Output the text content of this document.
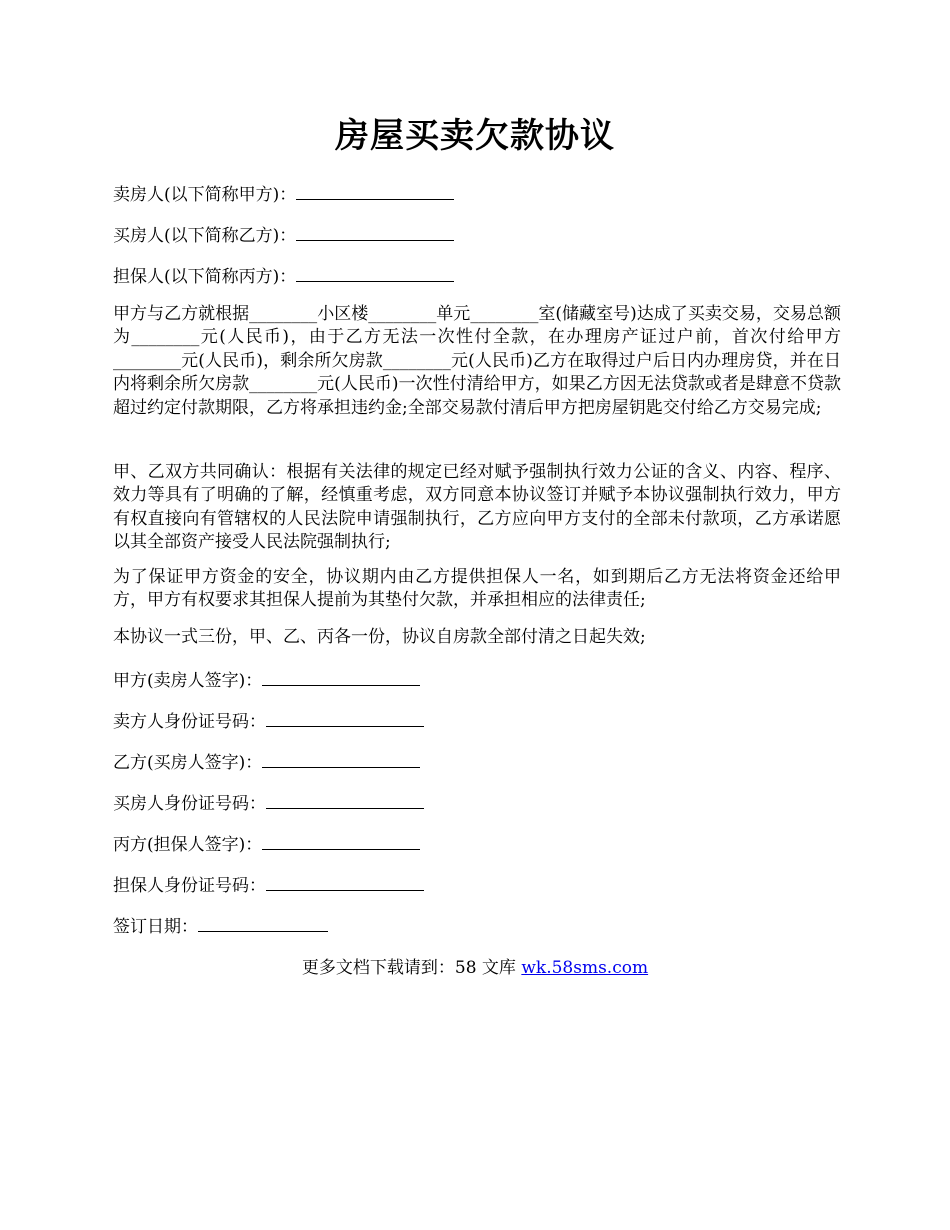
房屋买卖欠款协议
卖房人(以下简称甲方)：
买房人(以下简称乙方)：
担保人(以下简称丙方)：
甲方与乙方就根据________小区楼________单元________室(储藏室号)达成了买卖交易，交易总额为________元(人民币)，由于乙方无法一次性付全款，在办理房产证过户前，首次付给甲方________元(人民币)，剩余所欠房款________元(人民币)乙方在取得过户后日内办理房贷，并在日内将剩余所欠房款________元(人民币)一次性付清给甲方，如果乙方因无法贷款或者是肆意不贷款超过约定付款期限，乙方将承担违约金;全部交易款付清后甲方把房屋钥匙交付给乙方交易完成;
甲、乙双方共同确认：根据有关法律的规定已经对赋予强制执行效力公证的含义、内容、程序、效力等具有了明确的了解，经慎重考虑，双方同意本协议签订并赋予本协议强制执行效力，甲方有权直接向有管辖权的人民法院申请强制执行，乙方应向甲方支付的全部未付款项，乙方承诺愿以其全部资产接受人民法院强制执行;
为了保证甲方资金的安全，协议期内由乙方提供担保人一名，如到期后乙方无法将资金还给甲方，甲方有权要求其担保人提前为其垫付欠款，并承担相应的法律责任;
本协议一式三份，甲、乙、丙各一份，协议自房款全部付清之日起失效;
甲方(卖房人签字)：
卖方人身份证号码：
乙方(买房人签字)：
买房人身份证号码：
丙方(担保人签字)：
担保人身份证号码：
签订日期：
更多文档下载请到：58 文库 wk.58sms.com
